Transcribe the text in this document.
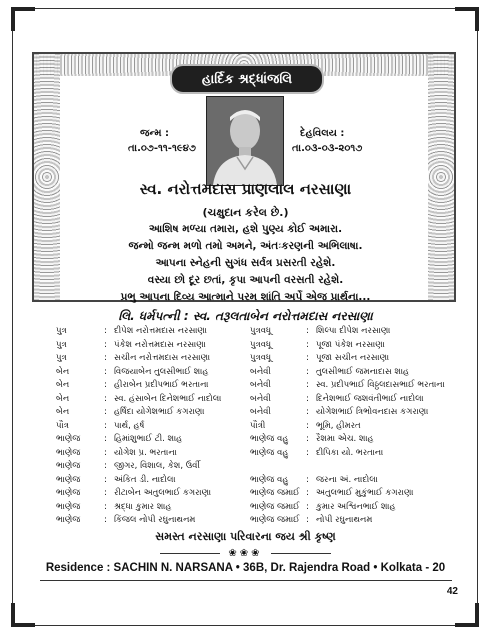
હાર્દિક શ્રદ્ધાંજલિ
જન્મ :
તા.૦૭-૧૧-૧૯૪૭
દેહવિલય :
તા.૦૩-૦૩-૨૦૧૭
સ્વ. નરોત્તમદાસ પ્રાણલાલ નરસાણા
(ચક્ષુદાન કરેલ છે.)
આશિષ મળ્યા તમારા, હશે પુણ્ય કોઈ અમારા.
જન્મો જન્મ મળો તમો અમને, અંતઃકરણની અભિલાષા.
આપના સ્નેહની સુગંધ સર્વત્ર પ્રસરતી રહેશે.
વસ્યા છો દૂર છતાં, કૃપા આપની વરસતી રહેશે.
પ્રભુ આપના દિવ્ય આત્માને પરમ શાંતિ અર્પે એજ પ્રાર્થના...
લિ. ધર્મપત્ની : સ્વ. તરૂલતાબેન નરોત્તમદાસ નરસાણા
પુત્ર	: દીપેશ નરોત્તમદાસ નરસાણા	પુત્રવધૂ	: શિલ્પા દીપેશ નરસાણા
પુત્ર	: પંકેશ નરોત્તમદાસ નરસાણા	પુત્રવધૂ	: પૂજા પંકેશ નરસાણા
પુત્ર	: સચીન નરોત્તમદાસ નરસાણા	પુત્રવધૂ	: પૂજા સચીન નરસાણા
બેન	: વિજયાબેન તુલસીભાઈ શાહ	બનેવી	: તુલસીભાઈ જમનાદાસ શાહ
બેન	: હીરાબેન પ્રદીપભાઈ ભરતાના	બનેવી	: સ્વ. પ્રદીપભાઈ વિઠ્ઠલદાસભાઈ ભરતાના
બેન	: સ્વ. હંસાબેન દિનેશભાઈ નાદોલા	બનેવી	: દિનેશભાઈ જશવંતીભાઈ નાદોલા
બેન	: હર્ષિદા યોગેશભાઈ કગરાણા	બનેવી	: યોગેશભાઈ ત્રિભોવનદાસ કગરાણા
પૌત્ર	: પાર્થ, હર્ષ	પૌત્રી	: ભૂમિ, હીમરત
ભાણેજ	: હિમાંશુભાઈ ટી. શાહ	ભાણેજ વહુ : રૈશમા એચ. શાહ
ભાણેજ	: યોગેશ પ્ર. ભરતાના	ભાણેજ વહુ : દીપિકા યો. ભરતાના
ભાણેજ	: જીગર, વિશાલ, કેશ, ઉર્વી
ભાણેજ	: અંકિત ડી. નાદોલા	ભાણેજ વહુ : જરના અં. નાદોલા
ભાણેજ	: રીટાબેન અતુલભાઈ કગરાણા	ભાણેજ જમાઈ : અતુલભાઈ મુકુંભાઈ કગરાણા
ભાણેજ	: શ્રદ્ધા કુમાર શાહ	ભાણેજ જમાઈ : કુમાર અશ્વિનભાઈ શાહ
ભાણેજ	: કિંજલ નોપી રઘુનાથનમ	ભાણેજ જમાઈ : નોપી રઘુનાથનમ
સમસ્ત નરસાણા પરિવારના જય શ્રી કૃષ્ણ
❀❀❀
Residence : SACHIN N. NARSANA • 36B, Dr. Rajendra Road • Kolkata - 20
42
